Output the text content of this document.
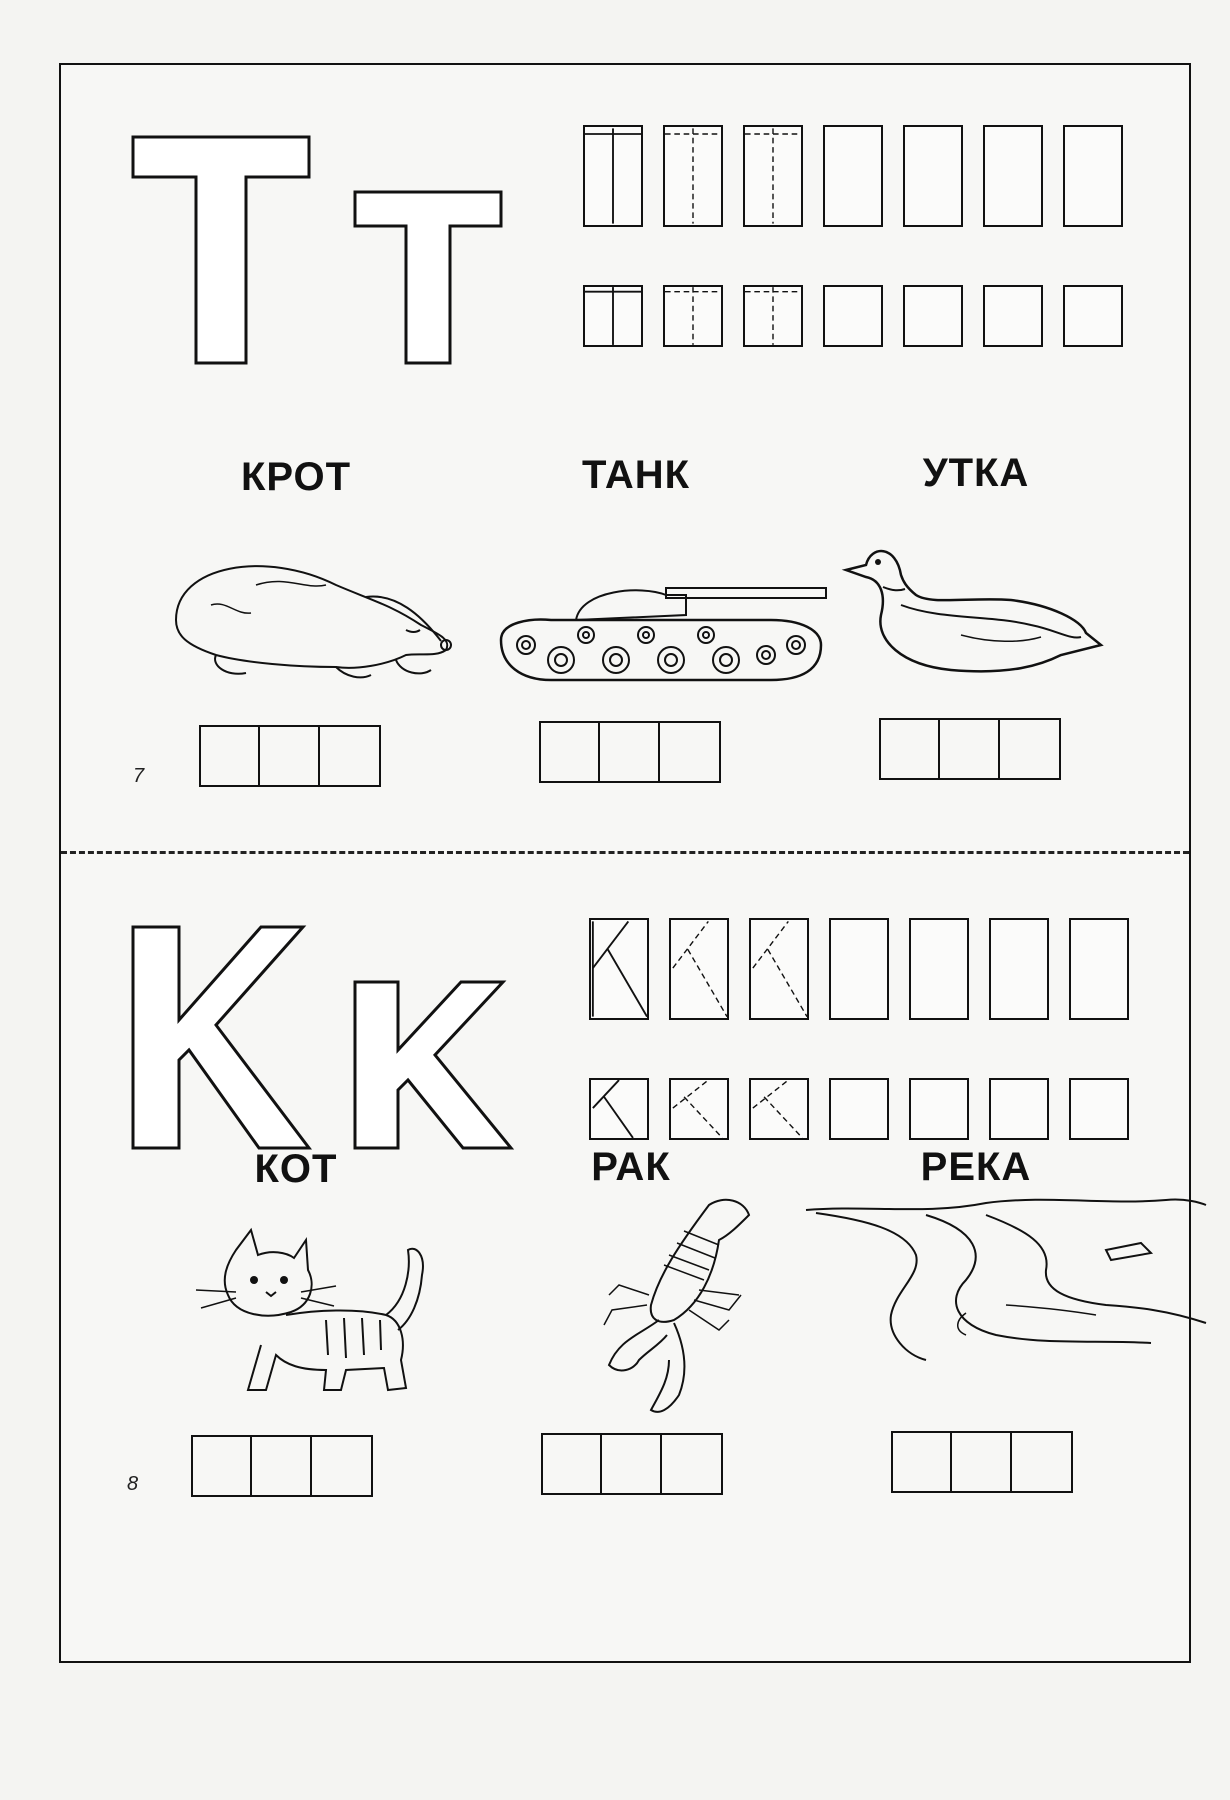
КРОТ	ТАНК	УТКА
7
КОТ	РАК	РЕКА
8
